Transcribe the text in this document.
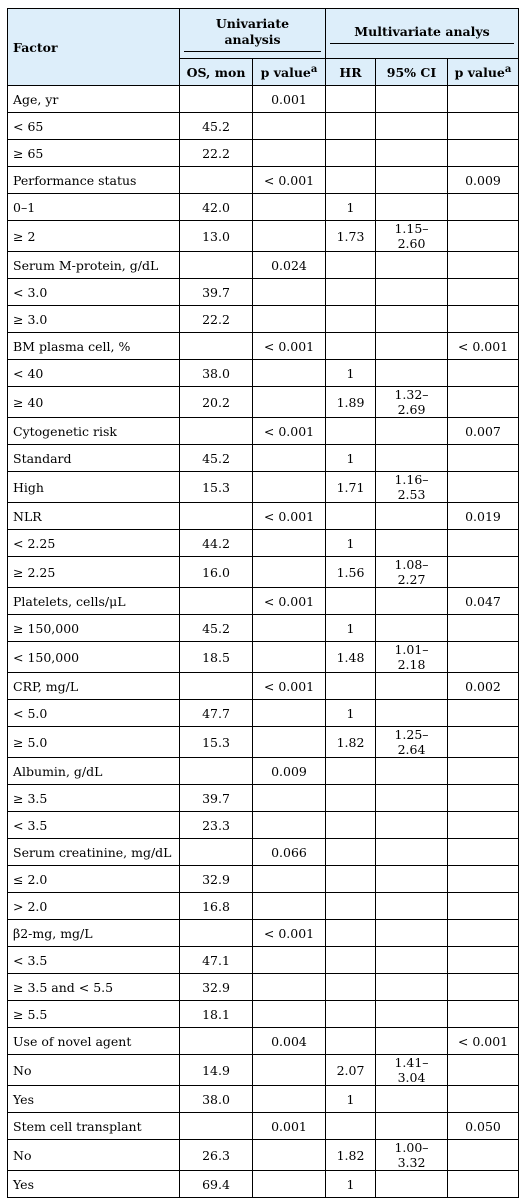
Factor	Univariate analysis		Multivariate analys		

	OS, mon	p value$^a$	HR	95% CI	p value$^a$
Age, yr		0.001			
< 65	45.2				
≥ 65	22.2				
Performance status		< 0.001			0.009
0–1	42.0		1		
≥ 2	13.0		1.73	1.15–2.60	
Serum M-protein, g/dL		0.024			
< 3.0	39.7				
≥ 3.0	22.2				
BM plasma cell, %		< 0.001			< 0.001
< 40	38.0		1		
≥ 40	20.2		1.89	1.32–2.69	
Cytogenetic risk		< 0.001			0.007
Standard	45.2		1		
High	15.3		1.71	1.16–2.53	
NLR		< 0.001			0.019
< 2.25	44.2		1		
≥ 2.25	16.0		1.56	1.08–2.27	
Platelets, cells/μL		< 0.001			0.047
≥ 150,000	45.2		1		
< 150,000	18.5		1.48	1.01–2.18	
CRP, mg/L		< 0.001			0.002
< 5.0	47.7		1		
≥ 5.0	15.3		1.82	1.25–2.64	
Albumin, g/dL		0.009			
≥ 3.5	39.7				
< 3.5	23.3				
Serum creatinine, mg/dL		0.066			
≤ 2.0	32.9				
> 2.0	16.8				
β2-mg, mg/L		< 0.001			
< 3.5	47.1				
≥ 3.5 and < 5.5	32.9				
≥ 5.5	18.1				
Use of novel agent		0.004			< 0.001
No	14.9		2.07	1.41–3.04	
Yes	38.0		1		
Stem cell transplant		0.001			0.050
No	26.3		1.82	1.00–3.32	
Yes	69.4		1		
